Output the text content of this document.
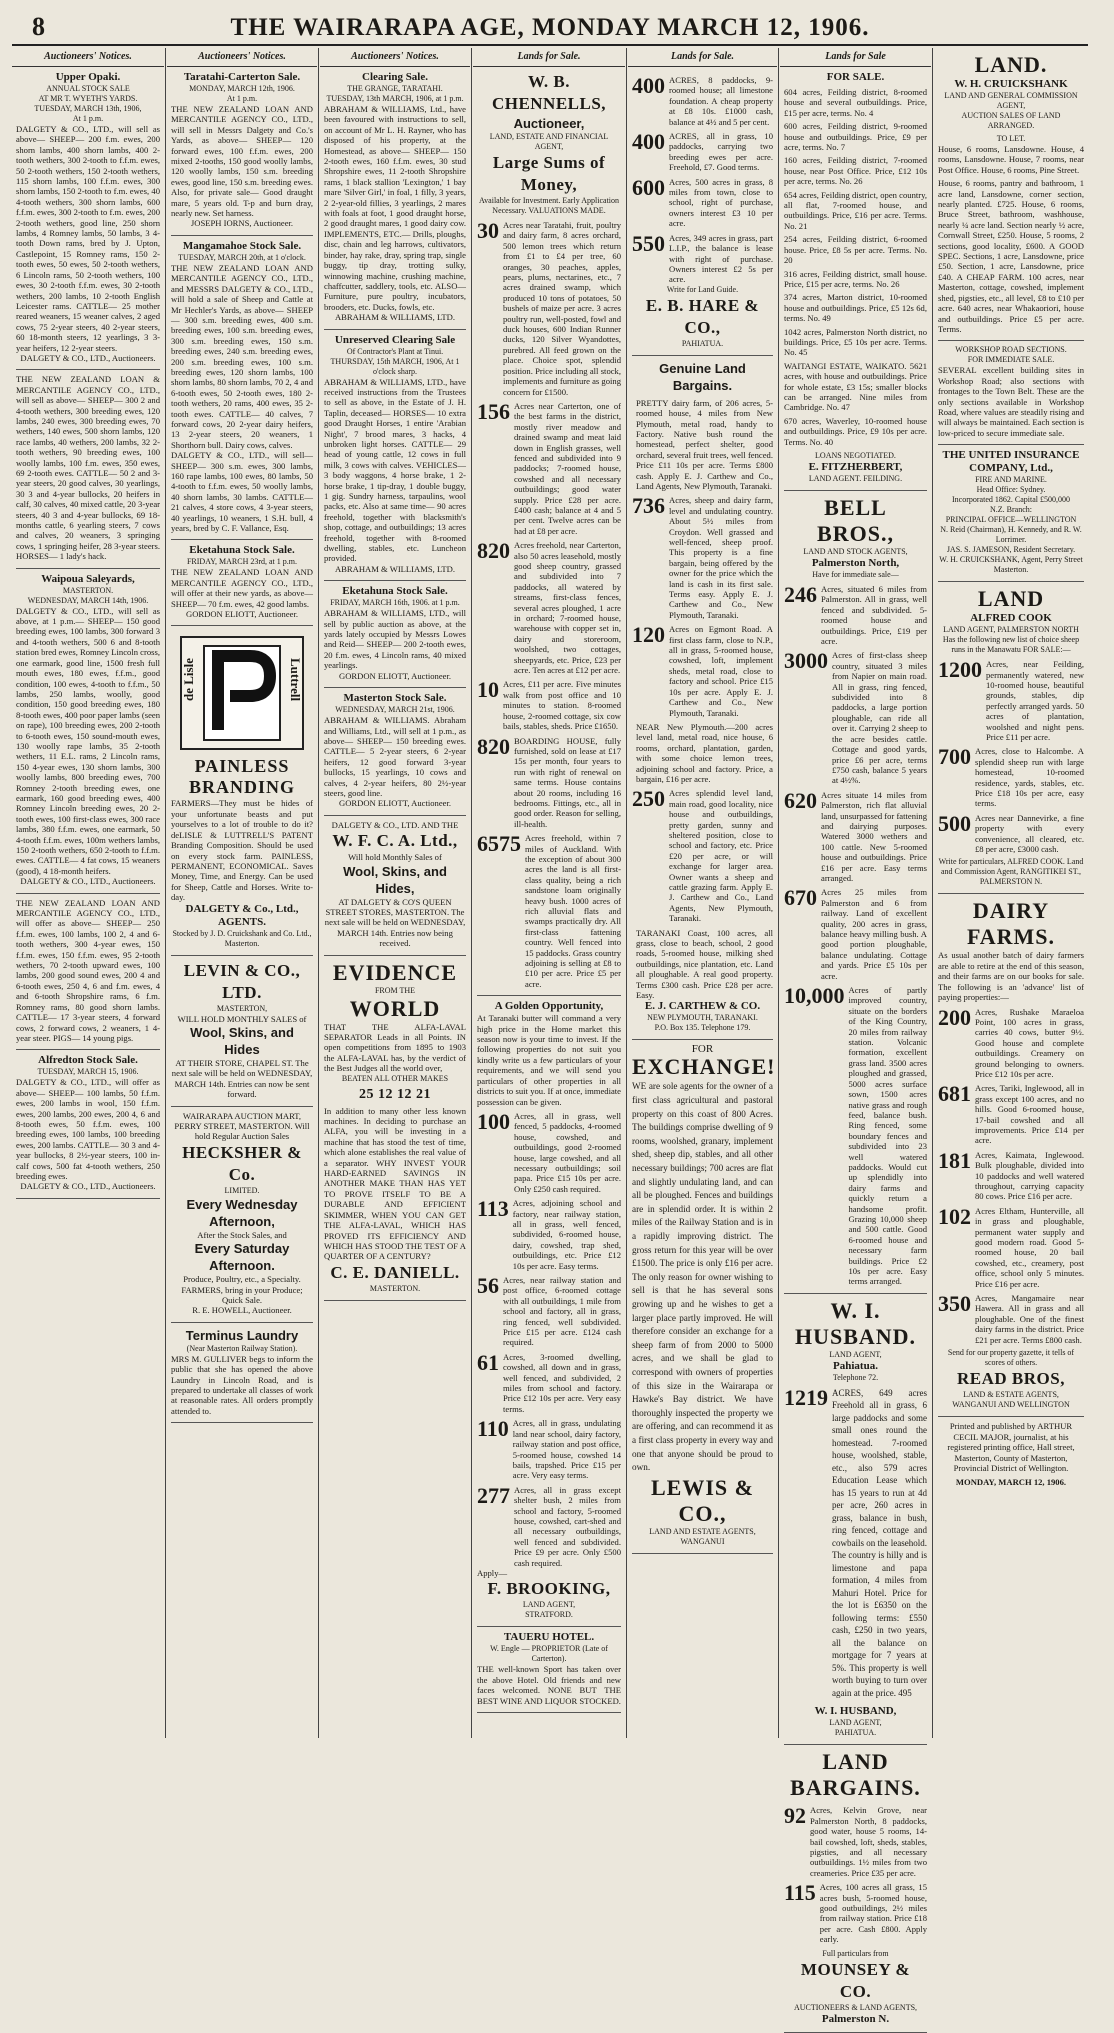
8	THE WAIRARAPA AGE, MONDAY MARCH 12, 1906.
Auctioneers' Notices.
Upper Opaki.
ANNUAL STOCK SALE
AT MR T. WYETH'S YARDS.
TUESDAY, MARCH 13th, 1906,
At 1 p.m.
DALGETY & CO., LTD., will sell as above— SHEEP— 200 f.m. ewes, 200 shorn lambs, 400 shorn lambs, 400 2-tooth wethers, 300 2-tooth to f.f.m. ewes, 50 2-tooth wethers, 150 2-tooth wethers, 115 shorn lambs, 100 f.f.m. ewes, 300 shorn lambs, 150 2-tooth to f.m. ewes, 40 4-tooth wethers, 300 shorn lambs, 600 f.f.m. ewes, 300 2-tooth to f.m. ewes, 200 2-tooth wethers, good line, 250 shorn lambs, 4 Romney lambs, 50 lambs, 3 4-tooth Down rams, bred by J. Upton, Castlepoint, 15 Romney rams, 150 2-tooth ewes, 50 ewes, 50 2-tooth wethers, 6 Lincoln rams, 50 2-tooth wethers, 100 ewes, 30 2-tooth f.f.m. ewes, 30 2-tooth wethers, 200 lambs, 10 2-tooth English Leicester rams. CATTLE— 25 mother reared weaners, 15 weaner calves, 2 aged cows, 75 2-year steers, 40 2-year steers, 60 18-month steers, 12 yearlings, 3 3-year heifers, 12 2-year steers.
DALGETY & CO., LTD., Auctioneers.
THE NEW ZEALAND LOAN & MERCANTILE AGENCY CO., LTD., will sell as above— SHEEP— 300 2 and 4-tooth wethers, 300 breeding ewes, 120 lambs, 240 ewes, 300 breeding ewes, 70 wethers, 140 ewes, 500 shorn lambs, 120 race lambs, 40 wethers, 200 lambs, 32 2-tooth wethers, 90 breeding ewes, 100 woolly lambs, 100 f.m. ewes, 350 ewes, 69 2-tooth ewes. CATTLE— 50 2 and 3-year steers, 20 good calves, 30 yearlings, 30 3 and 4-year bullocks, 20 heifers in calf, 30 calves, 40 mixed cattle, 20 3-year steers, 40 3 and 4-year bullocks, 69 18-months cattle, 6 yearling steers, 7 cows and calves, 20 weaners, 3 springing cows, 1 springing heifer, 28 3-year steers. HORSES— 1 lady's hack.
Waipoua Saleyards,
MASTERTON.
WEDNESDAY, MARCH 14th, 1906.
DALGETY & CO., LTD., will sell as above, at 1 p.m.— SHEEP— 150 good breeding ewes, 100 lambs, 300 forward 3 and 4-tooth wethers, 500 6 and 8-tooth station bred ewes, Romney Lincoln cross, one earmark, good line, 1500 fresh full mouth ewes, 180 ewes, f.f.m., good condition, 100 ewes, 4-tooth to f.f.m., 50 lambs, 250 lambs, woolly, good condition, 150 good breeding ewes, 180 8-tooth ewes, 400 poor paper lambs (seen on rape), 100 breeding ewes, 200 2-tooth to 6-tooth ewes, 150 sound-mouth ewes, 130 woolly rape lambs, 35 2-tooth wethers, 11 E.L. rams, 2 Lincoln rams, 150 4-year ewes, 130 shorn lambs, 300 woolly lambs, 800 breeding ewes, 700 Romney 2-tooth breeding ewes, one earmark, 160 good breeding ewes, 400 Romney Lincoln breeding ewes, 20 2-tooth ewes, 100 first-class ewes, 300 race lambs, 380 f.f.m. ewes, one earmark, 50 4-tooth f.f.m. ewes, 100m wethers lambs, 150 2-tooth wethers, 650 2-tooth to f.f.m. ewes. CATTLE— 4 fat cows, 15 weaners (good), 4 18-month heifers.
DALGETY & CO., LTD., Auctioneers.
THE NEW ZEALAND LOAN AND MERCANTILE AGENCY CO., LTD., will offer as above— SHEEP— 250 f.f.m. ewes, 100 lambs, 100 2, 4 and 6-tooth wethers, 300 4-year ewes, 150 f.f.m. ewes, 150 f.f.m. ewes, 95 2-tooth wethers, 70 2-tooth upward ewes, 100 lambs, 200 good sound ewes, 200 4 and 6-tooth ewes, 250 4, 6 and f.m. ewes, 4 and 6-tooth Shropshire rams, 6 f.m. Romney rams, 80 good shorn lambs. CATTLE— 17 3-year steers, 4 forward cows, 2 forward cows, 2 weaners, 1 4-year steer. PIGS— 14 young pigs.
Alfredton Stock Sale.
TUESDAY, MARCH 15, 1906.
DALGETY & CO., LTD., will offer as above— SHEEP— 100 lambs, 50 f.f.m. ewes, 200 lambs in wool, 150 f.f.m. ewes, 200 lambs, 200 ewes, 200 4, 6 and 8-tooth ewes, 50 f.f.m. ewes, 100 breeding ewes, 100 lambs, 100 breeding ewes, 200 lambs. CATTLE— 30 3 and 4-year bullocks, 8 2½-year steers, 100 in-calf cows, 500 fat 4-tooth wethers, 250 breeding ewes.
DALGETY & CO., LTD., Auctioneers.
Auctioneers' Notices.
Taratahi-Carterton Sale.
MONDAY, MARCH 12th, 1906.
At 1 p.m.
THE NEW ZEALAND LOAN AND MERCANTILE AGENCY CO., LTD., will sell in Messrs Dalgety and Co.'s Yards, as above— SHEEP— 120 forward ewes, 100 f.f.m. ewes, 200 mixed 2-tooths, 150 good woolly lambs, 120 woolly lambs, 150 s.m. breeding ewes, good line, 150 s.m. breeding ewes. Also, for private sale— Good draught mare, 5 years old. T-p and burn dray, nearly new. Set harness.
JOSEPH IORNS, Auctioneer.
Mangamahoe Stock Sale.
TUESDAY, MARCH 20th, at 1 o'clock.
THE NEW ZEALAND LOAN AND MERCANTILE AGENCY CO., LTD., and MESSRS DALGETY & CO., LTD., will hold a sale of Sheep and Cattle at Mr Hechler's Yards, as above— SHEEP— 300 s.m. breeding ewes, 400 s.m. breeding ewes, 100 s.m. breeding ewes, 300 s.m. breeding ewes, 150 s.m. breeding ewes, 240 s.m. breeding ewes, 200 s.m. breeding ewes, 100 s.m. breeding ewes, 120 shorn lambs, 100 shorn lambs, 80 shorn lambs, 70 2, 4 and 6-tooth ewes, 50 2-tooth ewes, 180 2-tooth wethers, 20 rams, 400 ewes, 35 2-tooth ewes. CATTLE— 40 calves, 7 forward cows, 20 2-year dairy heifers, 13 2-year steers, 20 weaners, 1 Shorthorn bull. Dairy cows, calves.
DALGETY & CO., LTD., will sell— SHEEP— 300 s.m. ewes, 300 lambs, 160 rape lambs, 100 ewes, 80 lambs, 50 4-tooth to f.f.m. ewes, 50 woolly lambs, 40 shorn lambs, 30 lambs. CATTLE— 21 calves, 4 store cows, 4 3-year steers, 40 yearlings, 10 weaners, 1 S.H. bull, 4 years, bred by C. F. Vallance, Esq.
Eketahuna Stock Sale.
FRIDAY, MARCH 23rd, at 1 p.m.
THE NEW ZEALAND LOAN AND MERCANTILE AGENCY CO., LTD., will offer at their new yards, as above— SHEEP— 70 f.m. ewes, 42 good lambs.
GORDON ELIOTT, Auctioneer.
de Lisle	Luttrell
PAINLESS BRANDING
FARMERS—They must be hides of your unfortunate beasts and put yourselves to a lot of trouble to do it? deLISLE & LUTTRELL'S PATENT Branding Composition. Should be used on every stock farm. PAINLESS, PERMANENT, ECONOMICAL. Saves Money, Time, and Energy. Can be used for Sheep, Cattle and Horses. Write to-day.
DALGETY & Co., Ltd., AGENTS.
Stocked by J. D. Cruickshank and Co. Ltd., Masterton.
LEVIN & CO., LTD.
MASTERTON,
WILL HOLD MONTHLY SALES of
Wool, Skins, and Hides
AT THEIR STORE, CHAPEL ST. The next sale will be held on WEDNESDAY, MARCH 14th. Entries can now be sent forward.
WAIRARAPA AUCTION MART, PERRY STREET, MASTERTON. Will hold Regular Auction Sales
HECKSHER & Co.
LIMITED.
Every Wednesday Afternoon,
After the Stock Sales, and
Every Saturday Afternoon.
Produce, Poultry, etc., a Specialty. FARMERS, bring in your Produce; Quick Sale.
R. E. HOWELL, Auctioneer.
Terminus Laundry
(Near Masterton Railway Station).
MRS M. GULLIVER begs to inform the public that she has opened the above Laundry in Lincoln Road, and is prepared to undertake all classes of work at reasonable rates. All orders promptly attended to.
Auctioneers' Notices.
Clearing Sale.
THE GRANGE, TARATAHI.
TUESDAY, 13th MARCH, 1906, at 1 p.m.
ABRAHAM & WILLIAMS, Ltd., have been favoured with instructions to sell, on account of Mr L. H. Rayner, who has disposed of his property, at the Homestead, as above— SHEEP— 150 2-tooth ewes, 160 f.f.m. ewes, 30 stud Shropshire ewes, 11 2-tooth Shropshire rams, 1 black stallion 'Lexington,' 1 bay mare 'Silver Girl,' in foal, 1 filly, 3 years, 2 2-year-old fillies, 3 yearlings, 2 mares with foals at foot, 1 good draught horse, 2 good draught mares, 1 good dairy cow. IMPLEMENTS, ETC.— Drills, ploughs, disc, chain and leg harrows, cultivators, binder, hay rake, dray, spring trap, single buggy, tip dray, trotting sulky, winnowing machine, crushing machine, chaffcutter, saddlery, tools, etc. ALSO— Furniture, pure poultry, incubators, brooders, etc. Ducks, fowls, etc.
ABRAHAM & WILLIAMS, LTD.
Unreserved Clearing Sale
Of Contractor's Plant at Tinui.
THURSDAY, 15th MARCH, 1906, At 1 o'clock sharp.
ABRAHAM & WILLIAMS, LTD., have received instructions from the Trustees to sell as above, in the Estate of J. H. Taplin, deceased— HORSES— 10 extra good Draught Horses, 1 entire 'Arabian Night', 7 brood mares, 3 hacks, 4 unbroken light horses. CATTLE— 29 head of young cattle, 12 cows in full milk, 3 cows with calves. VEHICLES— 3 body waggons, 4 horse brake, 1 2-horse brake, 1 tip-dray, 1 double buggy, 1 gig. Sundry harness, tarpaulins, wool packs, etc. Also at same time— 90 acres freehold, together with blacksmith's shop, cottage, and outbuildings; 13 acres freehold, together with 8-roomed dwelling, stables, etc. Luncheon provided.
ABRAHAM & WILLIAMS, LTD.
Eketahuna Stock Sale.
FRIDAY, MARCH 16th, 1906. at 1 p.m.
ABRAHAM & WILLIAMS, LTD., will sell by public auction as above, at the yards lately occupied by Messrs Lowes and Reid— SHEEP— 200 2-tooth ewes, 20 f.m. ewes, 4 Lincoln rams, 40 mixed yearlings.
GORDON ELIOTT, Auctioneer.
Masterton Stock Sale.
WEDNESDAY, MARCH 21st, 1906.
ABRAHAM & WILLIAMS. Abraham and Williams, Ltd., will sell at 1 p.m., as above— SHEEP— 150 breeding ewes. CATTLE— 5 2-year steers, 6 2-year heifers, 12 good forward 3-year bullocks, 15 yearlings, 10 cows and calves, 4 2-year heifers, 80 2½-year steers, good line.
GORDON ELIOTT, Auctioneer.
DALGETY & CO., LTD. AND THE
W. F. C. A. Ltd.,
Will hold Monthly Sales of
Wool, Skins, and Hides,
AT DALGETY & CO'S QUEEN STREET STORES, MASTERTON. The next sale will be held on WEDNESDAY, MARCH 14th. Entries now being received.
EVIDENCE
FROM THE
WORLD
THAT THE ALFA-LAVAL SEPARATOR Leads in all Points. IN open competitions from 1895 to 1903 the ALFA-LAVAL has, by the verdict of the Best Judges all the world over,
BEATEN ALL OTHER MAKES
25 12 12 21
In addition to many other less known machines. In deciding to purchase an ALFA, you will be investing in a machine that has stood the test of time, which alone establishes the real value of a separator. WHY INVEST YOUR HARD-EARNED SAVINGS IN ANOTHER MAKE THAN HAS YET TO PROVE ITSELF TO BE A DURABLE AND EFFICIENT SKIMMER, WHEN YOU CAN GET THE ALFA-LAVAL, WHICH HAS PROVED ITS EFFICIENCY AND WHICH HAS STOOD THE TEST OF A QUARTER OF A CENTURY?
C. E. DANIELL.
MASTERTON.
Lands for Sale.
W. B. CHENNELLS,
Auctioneer,
LAND, ESTATE AND FINANCIAL AGENT,
Large Sums of Money,
Available for Investment. Early Application Necessary. VALUATIONS MADE.
30 Acres near Taratahi, fruit, poultry and dairy farm, 8 acres orchard, 500 lemon trees which return from £1 to £4 per tree, 60 oranges, 30 peaches, apples, pears, plums, nectarines, etc., 7 acres drained swamp, which produced 10 tons of potatoes, 50 bushels of maize per acre. 3 acres poultry run, well-posted, fowl and duck houses, 600 Indian Runner ducks, 120 Silver Wyandottes, purebred. All feed grown on the place. Choice spot, splendid position. Price including all stock, implements and furniture as going concern for £1500.
156 Acres near Carterton, one of the best farms in the district, mostly river meadow and drained swamp and meat laid down in English grasses, well fenced and subdivided into 9 paddocks; 7-roomed house, cowshed and all necessary outbuildings; good water supply. Price £28 per acre. £400 cash; balance at 4 and 5 per cent. Twelve acres can be had at £8 per acre.
820 Acres freehold, near Carterton, also 50 acres leasehold, mostly good sheep country, grassed and subdivided into 7 paddocks, all watered by streams, first-class fences, several acres ploughed, 1 acre in orchard; 7-roomed house, warehouse with copper set in, dairy and storeroom, woolshed, two cottages, sheepyards, etc. Price, £23 per acre. Ten acres at £12 per acre.
10 Acres, £11 per acre. Five minutes walk from post office and 10 minutes to station. 8-roomed house, 2-roomed cottage, six cow bails, stables, sheds. Price £1650.
820 BOARDING HOUSE, fully furnished, sold on lease at £17 15s per month, four years to run with right of renewal on same terms. House contains about 20 rooms, including 16 bedrooms. Fittings, etc., all in good order. Reason for selling, ill-health.
6575 Acres freehold, within 7 miles of Auckland. With the exception of about 300 acres the land is all first-class quality, being a rich sandstone loam originally heavy bush. 1000 acres of rich alluvial flats and swamps practically dry. All first-class fattening country. Well fenced into 15 paddocks. Grass country adjoining is selling at £8 to £10 per acre. Price £5 per acre.
A Golden Opportunity,
At Taranaki butter will command a very high price in the Home market this season now is your time to invest. If the following properties do not suit you kindly write us a few particulars of your requirements, and we will send you particulars of other properties in all districts to suit you. If at once, immediate possession can be given.
100 Acres, all in grass, well fenced, 5 paddocks, 4-roomed house, cowshed, and outbuildings, good 2-roomed house, large cowshed, and all necessary outbuildings; soil papa. Price £15 10s per acre. Only £250 cash required.
113 Acres, adjoining school and factory, near railway station, all in grass, well fenced, subdivided, 6-roomed house, dairy, cowshed, trap shed, outbuildings, etc. Price £12 10s per acre. Easy terms.
56 Acres, near railway station and post office, 6-roomed cottage with all outbuildings, 1 mile from school and factory, all in grass, ring fenced, well subdivided. Price £15 per acre. £124 cash required.
61 Acres, 3-roomed dwelling, cowshed, all down and in grass, well fenced, and subdivided, 2 miles from school and factory. Price £12 10s per acre. Very easy terms.
110 Acres, all in grass, undulating land near school, dairy factory, railway station and post office, 5-roomed house, cowshed 14 bails, trapshed. Price £15 per acre. Very easy terms.
277 Acres, all in grass except shelter bush, 2 miles from school and factory, 5-roomed house, cowshed, cart-shed and all necessary outbuildings, well fenced and subdivided. Price £9 per acre. Only £500 cash required.
Apply—
F. BROOKING,
LAND AGENT,
STRATFORD.
TAUERU HOTEL.
W. Engle — PROPRIETOR (Late of Carterton).
THE well-known Sport has taken over the above Hotel. Old friends and new faces welcomed. NONE BUT THE BEST WINE AND LIQUOR STOCKED.
Lands for Sale.
400 ACRES, 8 paddocks, 9-roomed house; all limestone foundation. A cheap property at £8 10s. £1000 cash, balance at 4½ and 5 per cent.
400 ACRES, all in grass, 10 paddocks, carrying two breeding ewes per acre. Freehold, £7. Good terms.
600 Acres, 500 acres in grass, 8 miles from town, close to school, right of purchase, owners interest £3 10 per acre.
550 Acres, 349 acres in grass, part L.I.P., the balance is lease with right of purchase. Owners interest £2 5s per acre.
Write for Land Guide.
E. B. HARE & CO.,
PAHIATUA.
Genuine Land Bargains.
PRETTY dairy farm, of 206 acres, 5-roomed house, 4 miles from New Plymouth, metal road, handy to Factory. Native bush round the homestead, perfect shelter, good orchard, several fruit trees, well fenced. Price £11 10s per acre. Terms £800 cash. Apply E. J. Carthew and Co., Land Agents, New Plymouth, Taranaki.
736 Acres, sheep and dairy farm, level and undulating country. About 5½ miles from Croydon. Well grassed and well-fenced, sheep proof. This property is a fine bargain, being offered by the owner for the price which the land is cash in its first sale. Terms easy. Apply E. J. Carthew and Co., New Plymouth, Taranaki.
120 Acres on Egmont Road. A first class farm, close to N.P., all in grass, 5-roomed house, cowshed, loft, implement sheds, metal road, close to factory and school. Price £15 10s per acre. Apply E. J. Carthew and Co., New Plymouth, Taranaki.
NEAR New Plymouth.—200 acres level land, metal road, nice house, 6 rooms, orchard, plantation, garden, with some choice lemon trees, adjoining school and factory. Price, a bargain, £16 per acre.
250 Acres splendid level land, main road, good locality, nice house and outbuildings, pretty garden, sunny and sheltered position, close to school and factory, etc. Price £20 per acre, or will exchange for larger area. Owner wants a sheep and cattle grazing farm. Apply E. J. Carthew and Co., Land Agents, New Plymouth, Taranaki.
TARANAKI Coast, 100 acres, all grass, close to beach, school, 2 good roads, 5-roomed house, milking shed outbuildings, nice plantation, etc. Land all ploughable. A real good property. Terms £300 cash. Price £28 per acre. Easy.
E. J. CARTHEW & CO.
NEW PLYMOUTH, TARANAKI.
P.O. Box 135. Telephone 179.
FOR
EXCHANGE!
WE are sole agents for the owner of a first class agricultural and pastoral property on this coast of 800 Acres. The buildings comprise dwelling of 9 rooms, woolshed, granary, implement shed, sheep dip, stables, and all other necessary buildings; 700 acres are flat and slightly undulating land, and can all be ploughed. Fences and buildings are in splendid order. It is within 2 miles of the Railway Station and is in a rapidly improving district. The gross return for this year will be over £1500. The price is only £16 per acre. The only reason for owner wishing to sell is that he has several sons growing up and he wishes to get a larger place partly improved. He will therefore consider an exchange for a sheep farm of from 2000 to 5000 acres, and we shall be glad to correspond with owners of properties of this size in the Wairarapa or Hawke's Bay district. We have thoroughly inspected the property we are offering, and can recommend it as a first class property in every way and one that anyone should be proud to own.
LEWIS & CO.,
LAND AND ESTATE AGENTS,
WANGANUI
Lands for Sale
FOR SALE.
604 acres, Feilding district, 8-roomed house and several outbuildings. Price, £15 per acre, terms. No. 4
600 acres, Feilding district, 9-roomed house and outbuildings. Price, £9 per acre, terms. No. 7
160 acres, Feilding district, 7-roomed house, near Post Office. Price, £12 10s per acre, terms. No. 26
654 acres, Feilding district, open country, all flat, 7-roomed house, and outbuildings. Price, £16 per acre. Terms. No. 21
254 acres, Feilding district, 6-roomed house. Price, £8 5s per acre. Terms. No. 20
316 acres, Feilding district, small house. Price, £15 per acre, terms. No. 26
374 acres, Marton district, 10-roomed house and outbuildings. Price, £5 12s 6d, terms. No. 49
1042 acres, Palmerston North district, no buildings. Price, £5 10s per acre. Terms. No. 45
WAITANGI ESTATE, WAIKATO. 5621 acres, with house and outbuildings. Price for whole estate, £3 15s; smaller blocks can be arranged. Nine miles from Cambridge. No. 47
670 acres, Waverley, 10-roomed house and outbuildings. Price, £9 10s per acre. Terms. No. 40
LOANS NEGOTIATED.
E. FITZHERBERT,
LAND AGENT. FEILDING.
BELL BROS.,
LAND AND STOCK AGENTS,
Palmerston North,
Have for immediate sale—
246 Acres, situated 6 miles from Palmerston. All in grass, well fenced and subdivided. 5-roomed house and outbuildings. Price, £19 per acre.
3000 Acres of first-class sheep country, situated 3 miles from Napier on main road. All in grass, ring fenced, subdivided into 8 paddocks, a large portion ploughable, can ride all over it. Carrying 2 sheep to the acre besides cattle. Cottage and good yards, price £6 per acre, terms £750 cash, balance 5 years at 4½%.
620 Acres situate 14 miles from Palmerston, rich flat alluvial land, unsurpassed for fattening and dairying purposes. Watered 3000 wethers and 100 cattle. New 5-roomed house and outbuildings. Price £16 per acre. Easy terms arranged.
670 Acres 25 miles from Palmerston and 6 from railway. Land of excellent quality, 200 acres in grass, balance heavy milling bush. A good portion ploughable, balance undulating. Cottage and yards. Price £5 10s per acre.
10,000 Acres of partly improved country, situate on the borders of the King Country, 20 miles from railway station. Volcanic formation, excellent grass land. 3500 acres ploughed and grassed, 5000 acres surface sown, 1500 acres native grass and rough feed, balance bush. Ring fenced, some boundary fences and subdivided into 23 well watered paddocks. Would cut up splendidly into dairy farms and quickly return a handsome profit. Grazing 10,000 sheep and 500 cattle. Good 6-roomed house and necessary farm buildings. Price £2 10s per acre. Easy terms arranged.
W. I. HUSBAND.
LAND AGENT,
Pahiatua.
Telephone 72.
1219 ACRES, 649 acres Freehold all in grass, 6 large paddocks and some small ones round the homestead. 7-roomed house, woolshed, stable, etc., also 579 acres Education Lease which has 15 years to run at 4d per acre, 260 acres in grass, balance in bush, ring fenced, cottage and cowbails on the leasehold. The country is hilly and is limestone and papa formation, 4 miles from Mahuri Hotel. Price for the lot is £6350 on the following terms: £550 cash, £250 in two years, all the balance on mortgage for 7 years at 5%. This property is well worth buying to turn over again at the price. 495
W. I. HUSBAND,
LAND AGENT,
PAHIATUA.
LAND BARGAINS.
92 Acres, Kelvin Grove, near Palmerston North, 8 paddocks, good water, house 5 rooms, 14-bail cowshed, loft, sheds, stables, pigsties, and all necessary outbuildings. 1½ miles from two creameries. Price £35 per acre.
115 Acres, 100 acres all grass, 15 acres bush, 5-roomed house, good outbuildings, 2½ miles from railway station. Price £18 per acre. Cash £800. Apply early.
Full particulars from
MOUNSEY & CO.
AUCTIONEERS & LAND AGENTS,
Palmerston N.
LAND.
W. H. CRUICKSHANK
LAND AND GENERAL COMMISSION AGENT,
AUCTION SALES OF LAND ARRANGED.
TO LET.
House, 6 rooms, Lansdowne. House, 4 rooms, Lansdowne. House, 7 rooms, near Post Office. House, 6 rooms, Pine Street.
House, 6 rooms, pantry and bathroom, 1 acre land, Lansdowne, corner section, nearly planted. £725. House, 6 rooms, Bruce Street, bathroom, washhouse, nearly ¼ acre land. Section nearly ½ acre, Cornwall Street, £250. House, 5 rooms, 2 sections, good locality, £600. A GOOD SPEC. Sections, 1 acre, Lansdowne, price £50. Section, 1 acre, Lansdowne, price £40. A CHEAP FARM. 100 acres, near Masterton, cottage, cowshed, implement shed, pigsties, etc., all level, £8 to £10 per acre. 640 acres, near Whakaoriori, house and outbuildings. Price £5 per acre. Terms.
WORKSHOP ROAD SECTIONS.
FOR IMMEDIATE SALE.
SEVERAL excellent building sites in Workshop Road; also sections with frontages to the Town Belt. These are the only sections available in Workshop Road, where values are steadily rising and will always be maintained. Each section is low-priced to secure immediate sale.
THE UNITED INSURANCE COMPANY, Ltd.,
FIRE AND MARINE.
Head Office: Sydney.
Incorporated 1862. Capital £500,000
N.Z. Branch:
PRINCIPAL OFFICE—WELLINGTON
N. Reid (Chairman), H. Kennedy, and R. W. Lorrimer.
JAS. S. JAMESON, Resident Secretary.
W. H. CRUICKSHANK, Agent, Perry Street Masterton.
LAND
ALFRED COOK
LAND AGENT, PALMERSTON NORTH
Has the following new list of choice sheep runs in the Manawatu FOR SALE:—
1200 Acres, near Feilding, permanently watered, new 10-roomed house, beautiful grounds, stables, dip perfectly arranged yards. 50 acres of plantation, woolshed and night pens. Price £11 per acre.
700 Acres, close to Halcombe. A splendid sheep run with large homestead, 10-roomed residence, yards, stables, etc. Price £18 10s per acre, easy terms.
500 Acres near Dannevirke, a fine property with every convenience, all cleared, etc. £8 per acre, £3000 cash.
Write for particulars, ALFRED COOK. Land and Commission Agent, RANGITIKEI ST., PALMERSTON N.
DAIRY FARMS.
As usual another batch of dairy farmers are able to retire at the end of this season, and their farms are on our books for sale. The following is an 'advance' list of paying properties:—
200 Acres, Rushake Maraeloa Point, 100 acres in grass, carries 40 cows, butter 9½. Good house and complete outbuildings. Creamery on ground belonging to owners. Price £12 10s per acre.
681 Acres, Tariki, Inglewood, all in grass except 100 acres, and no hills. Good 6-roomed house, 17-bail cowshed and all improvements. Price £14 per acre.
181 Acres, Kaimata, Inglewood. Bulk ploughable, divided into 10 paddocks and well watered throughout, carrying capacity 80 cows. Price £16 per acre.
102 Acres Eltham, Hunterville, all in grass and ploughable, permanent water supply and good modern road. Good 5-roomed house, 20 bail cowshed, etc., creamery, post office, school only 5 minutes. Price £16 per acre.
350 Acres, Mangamaire near Hawera. All in grass and all ploughable. One of the finest dairy farms in the district. Price £21 per acre. Terms £800 cash.
Send for our property gazette, it tells of scores of others.
READ BROS,
LAND & ESTATE AGENTS,
WANGANUI AND WELLINGTON
Printed and published by ARTHUR CECIL MAJOR, journalist, at his registered printing office, Hall street, Masterton, County of Masterton, Provincial District of Wellington.
MONDAY, MARCH 12, 1906.
